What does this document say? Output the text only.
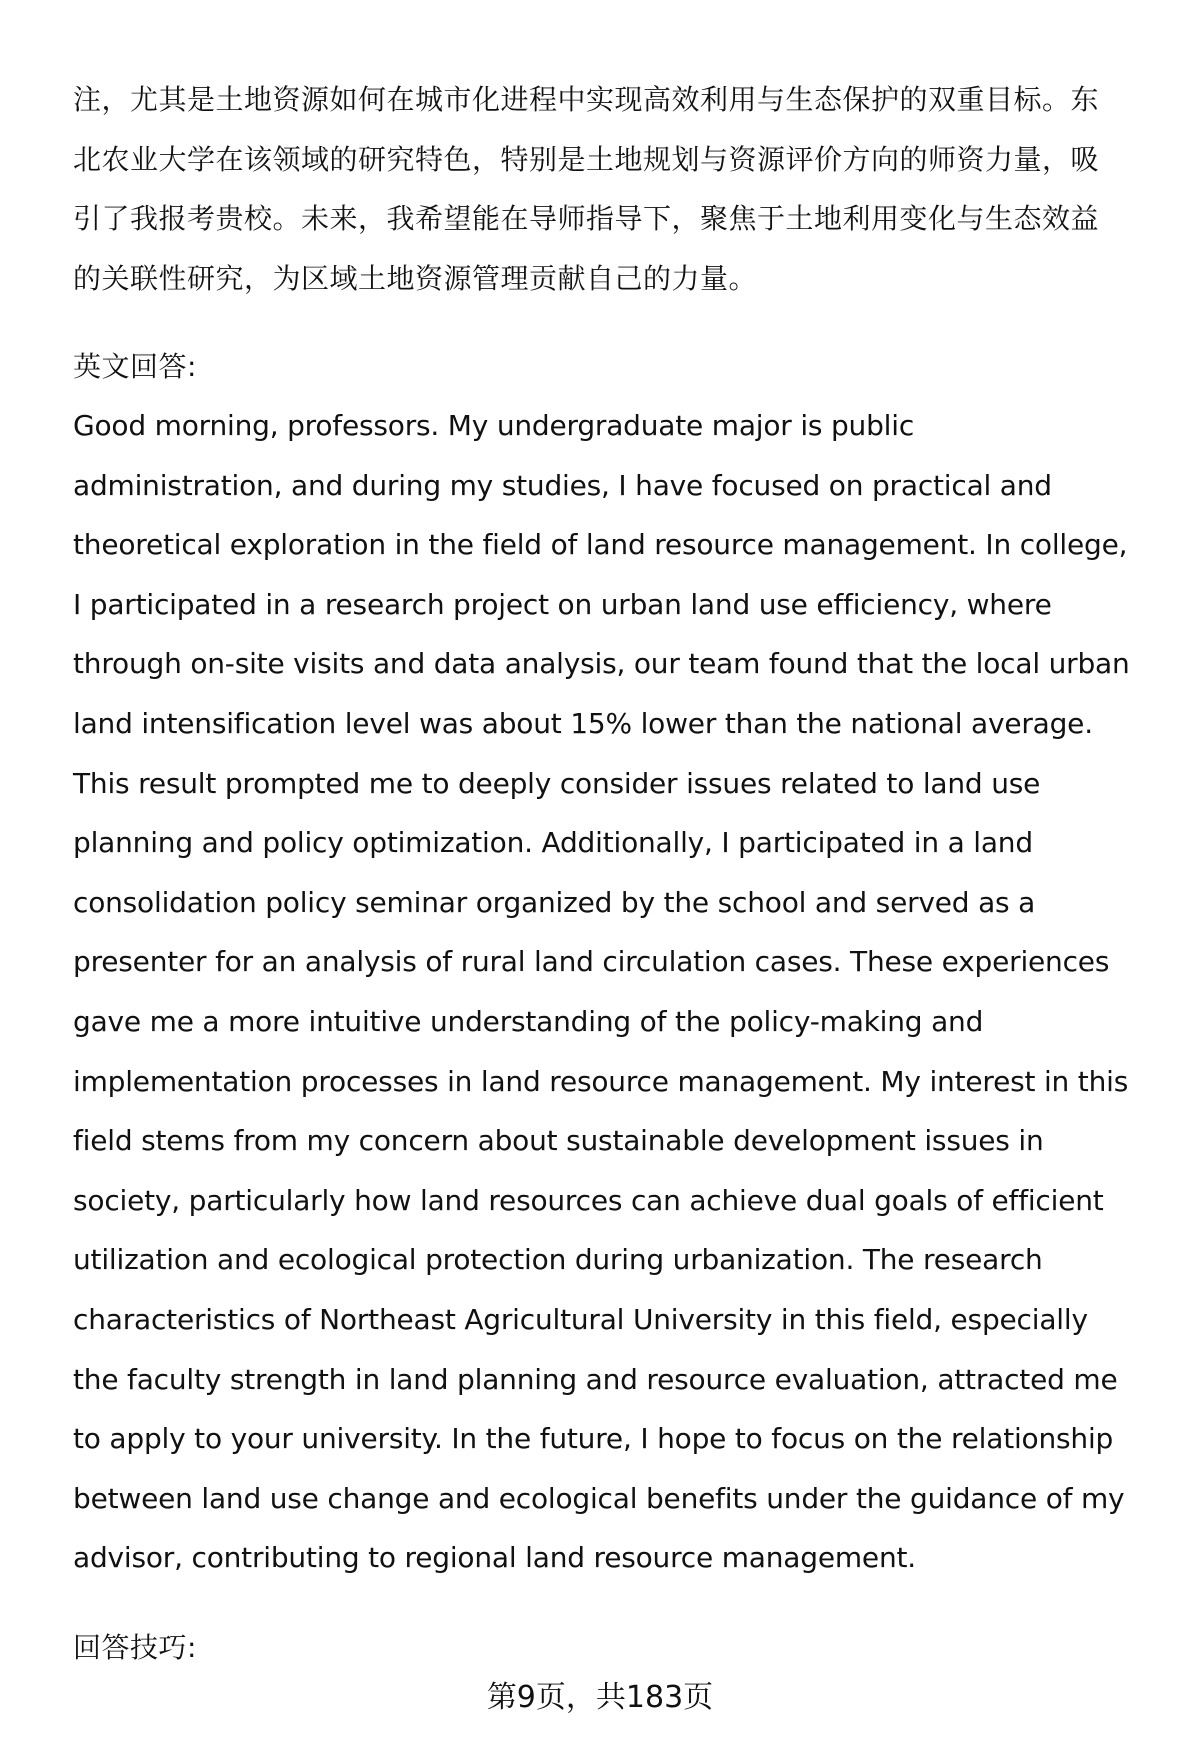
注，尤其是土地资源如何在城市化进程中实现高效利用与生态保护的双重目标。东
北农业大学在该领域的研究特色，特别是土地规划与资源评价方向的师资力量，吸
引了我报考贵校。未来，我希望能在导师指导下，聚焦于土地利用变化与生态效益
的关联性研究，为区域土地资源管理贡献自己的力量。
英文回答:
Good morning, professors. My undergraduate major is public
administration, and during my studies, I have focused on practical and
theoretical exploration in the field of land resource management. In college,
I participated in a research project on urban land use efficiency, where
through on-site visits and data analysis, our team found that the local urban
land intensification level was about 15% lower than the national average.
This result prompted me to deeply consider issues related to land use
planning and policy optimization. Additionally, I participated in a land
consolidation policy seminar organized by the school and served as a
presenter for an analysis of rural land circulation cases. These experiences
gave me a more intuitive understanding of the policy-making and
implementation processes in land resource management. My interest in this
field stems from my concern about sustainable development issues in
society, particularly how land resources can achieve dual goals of efficient
utilization and ecological protection during urbanization. The research
characteristics of Northeast Agricultural University in this field, especially
the faculty strength in land planning and resource evaluation, attracted me
to apply to your university. In the future, I hope to focus on the relationship
between land use change and ecological benefits under the guidance of my
advisor, contributing to regional land resource management.
回答技巧:
第9页，共183页
